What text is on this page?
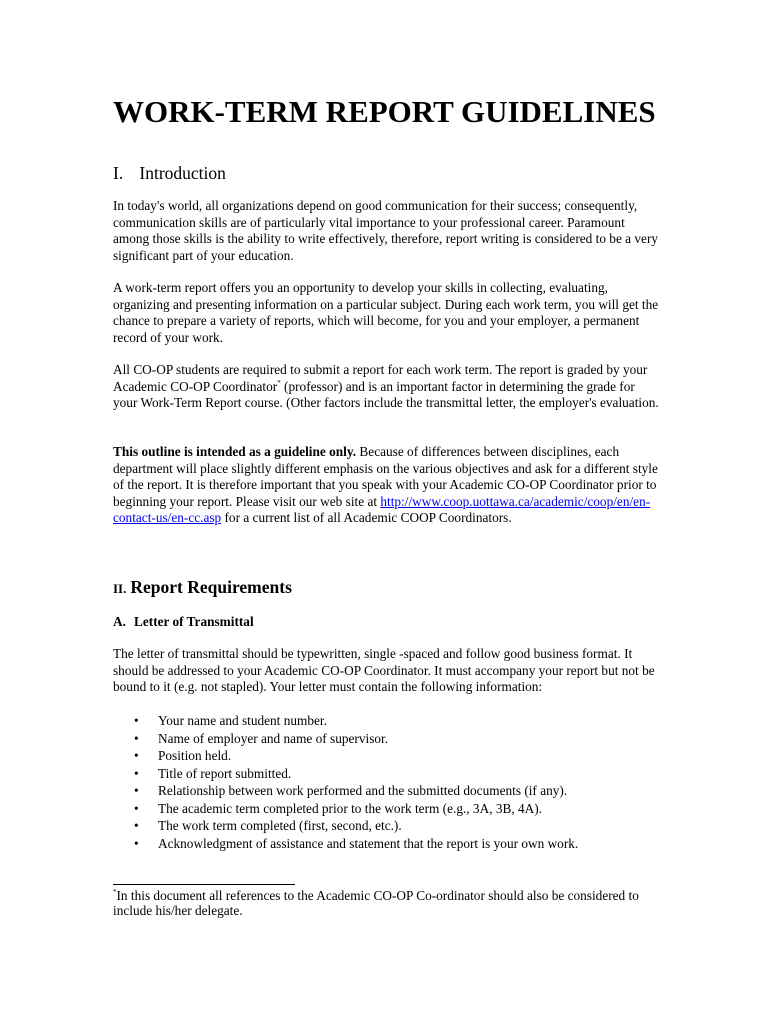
WORK-TERM REPORT GUIDELINES
I. Introduction

In today's world, all organizations depend on good communication for their success; consequently, communication skills are of particularly vital importance to your professional career. Paramount among those skills is the ability to write effectively, therefore, report writing is considered to be a very significant part of your education.

A work-term report offers you an opportunity to develop your skills in collecting, evaluating, organizing and presenting information on a particular subject. During each work term, you will get the chance to prepare a variety of reports, which will become, for you and your employer, a permanent record of your work.

All CO-OP students are required to submit a report for each work term. The report is graded by your Academic CO-OP Coordinator* (professor) and is an important factor in determining the grade for your Work-Term Report course. (Other factors include the transmittal letter, the employer's evaluation.

This outline is intended as a guideline only. Because of differences between disciplines, each department will place slightly different emphasis on the various objectives and ask for a different style of the report. It is therefore important that you speak with your Academic CO-OP Coordinator prior to beginning your report. Please visit our web site at http://www.coop.uottawa.ca/academic/coop/en/en-contact-us/en-cc.asp for a current list of all Academic COOP Coordinators.

II. Report Requirements
A. Letter of Transmittal

The letter of transmittal should be typewritten, single -spaced and follow good business format. It should be addressed to your Academic CO-OP Coordinator. It must accompany your report but not be bound to it (e.g. not stapled). Your letter must contain the following information:

• Your name and student number.
• Name of employer and name of supervisor.
• Position held.
• Title of report submitted.
• Relationship between work performed and the submitted documents (if any).
• The academic term completed prior to the work term (e.g., 3A, 3B, 4A).
• The work term completed (first, second, etc.).
• Acknowledgment of assistance and statement that the report is your own work.

*In this document all references to the Academic CO-OP Co-ordinator should also be considered to include his/her delegate.
